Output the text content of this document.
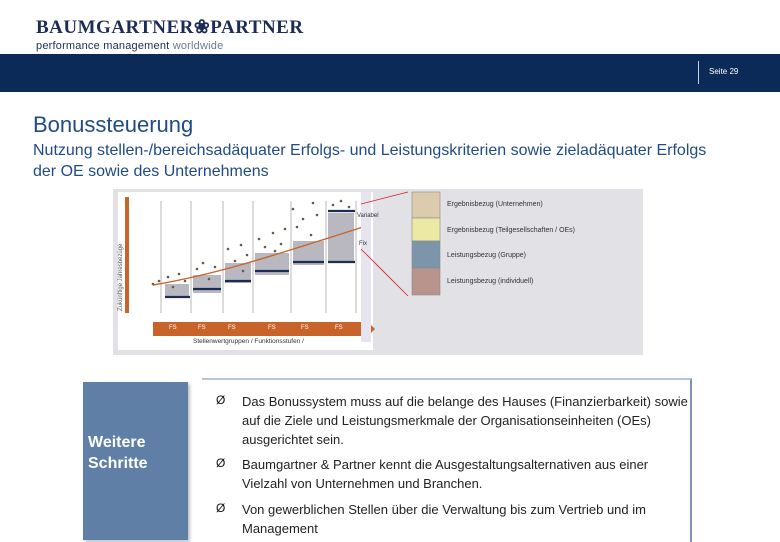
BAUMGARTNER❀PARTNER
performance management worldwide
Seite 29
Bonussteuerung
Nutzung stellen-/bereichsadäquater Erfolgs- und Leistungskriterien sowie zieladäquater Erfolgs
der OE sowie des Unternehmens
FS	FS	FS	FS	FS	FS
Stellenwertgruppen / Funktionsstufen /
Variabel
Fix
Ergebnisbezug (Unternehmen)
Ergebnisbezug (Teilgesellschaften / OEs)
Leistungsbezug (Gruppe)
Leistungsbezug (individuell)
Zukünftige Jahresbezüge
Weitere
Schritte
Ø Das Bonussystem muss auf die belange des Hauses (Finanzierbarkeit) sowie auf die Ziele und Leistungsmerkmale der Organisationseinheiten (OEs) ausgerichtet sein.
Ø Baumgartner & Partner kennt die Ausgestaltungsalternativen aus einer Vielzahl von Unternehmen und Branchen.
Ø Von gewerblichen Stellen über die Verwaltung bis zum Vertrieb und im Management
